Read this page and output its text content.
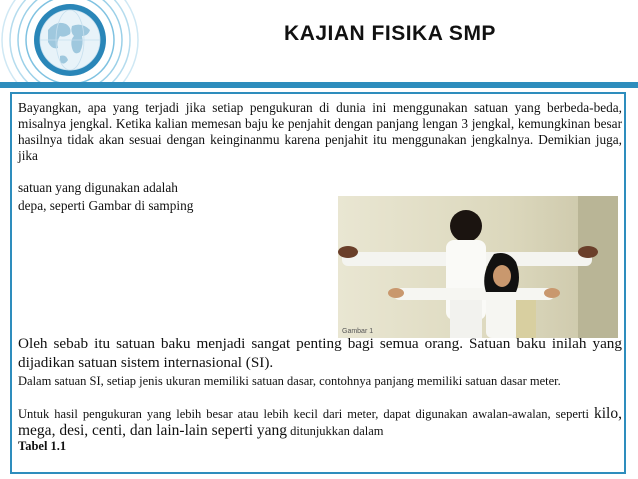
KAJIAN FISIKA SMP

Bayangkan, apa yang terjadi jika setiap pengukuran di dunia ini menggunakan satuan yang berbeda-beda, misalnya jengkal. Ketika kalian memesan baju ke penjahit dengan panjang lengan 3 jengkal, kemungkinan besar hasilnya tidak akan sesuai dengan keinginanmu karena penjahit itu menggunakan jengkalnya. Demikian juga, jika

satuan yang digunakan adalah

depa, seperti Gambar di samping

Gambar 1

Oleh sebab itu satuan baku menjadi sangat penting bagi semua orang. Satuan baku inilah yang dijadikan satuan sistem internasional (SI).

Dalam satuan SI, setiap jenis ukuran memiliki satuan dasar, contohnya panjang memiliki satuan dasar meter.

Untuk hasil pengukuran yang lebih besar atau lebih kecil dari meter, dapat digunakan awalan-awalan, seperti kilo, mega, desi, centi, dan lain-lain seperti yang ditunjukkan dalam
Tabel 1.1
